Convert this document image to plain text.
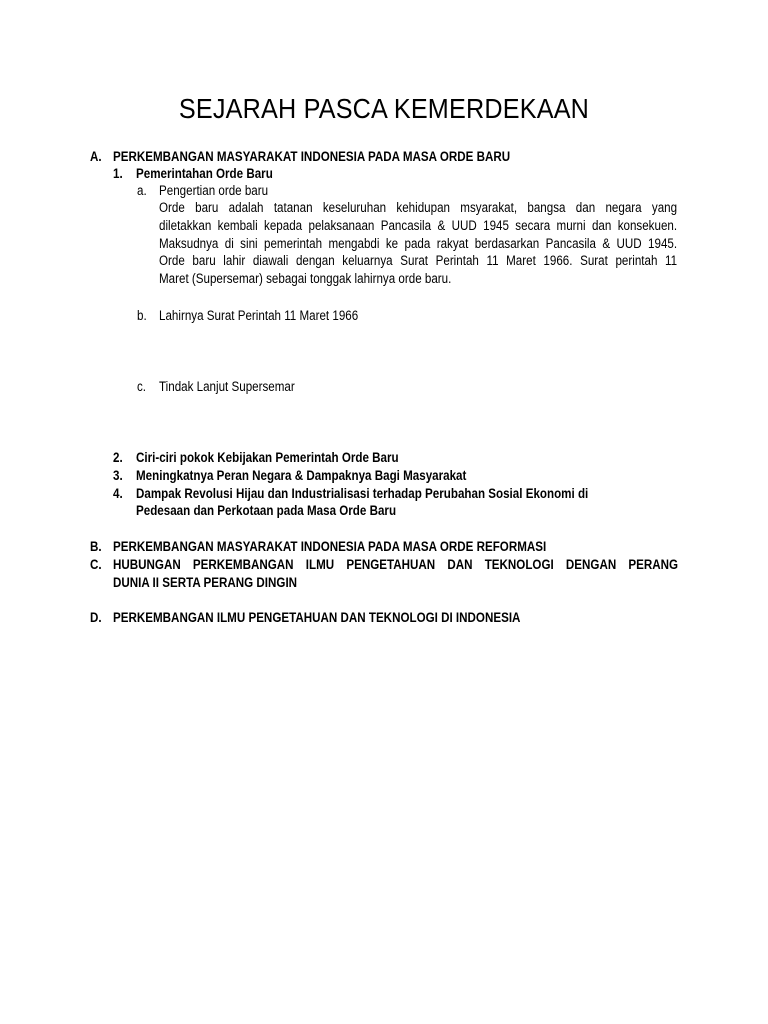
SEJARAH PASCA KEMERDEKAAN
A. PERKEMBANGAN MASYARAKAT INDONESIA PADA MASA ORDE BARU
1. Pemerintahan Orde Baru
a. Pengertian orde baru
Orde baru adalah tatanan keseluruhan kehidupan msyarakat, bangsa dan negara yang
diletakkan kembali kepada pelaksanaan Pancasila & UUD 1945 secara murni dan konsekuen.
Maksudnya di sini pemerintah mengabdi ke pada rakyat berdasarkan Pancasila & UUD 1945.
Orde baru lahir diawali dengan keluarnya Surat Perintah 11 Maret 1966. Surat perintah 11
Maret (Supersemar) sebagai tonggak lahirnya orde baru.
b. Lahirnya Surat Perintah 11 Maret 1966
c. Tindak Lanjut Supersemar
2. Ciri-ciri pokok Kebijakan Pemerintah Orde Baru
3. Meningkatnya Peran Negara & Dampaknya Bagi Masyarakat
4. Dampak Revolusi Hijau dan Industrialisasi terhadap Perubahan Sosial Ekonomi di
Pedesaan dan Perkotaan pada Masa Orde Baru
B. PERKEMBANGAN MASYARAKAT INDONESIA PADA MASA ORDE REFORMASI
C. HUBUNGAN PERKEMBANGAN ILMU PENGETAHUAN DAN TEKNOLOGI DENGAN PERANG
DUNIA II SERTA PERANG DINGIN
D. PERKEMBANGAN ILMU PENGETAHUAN DAN TEKNOLOGI DI INDONESIA
